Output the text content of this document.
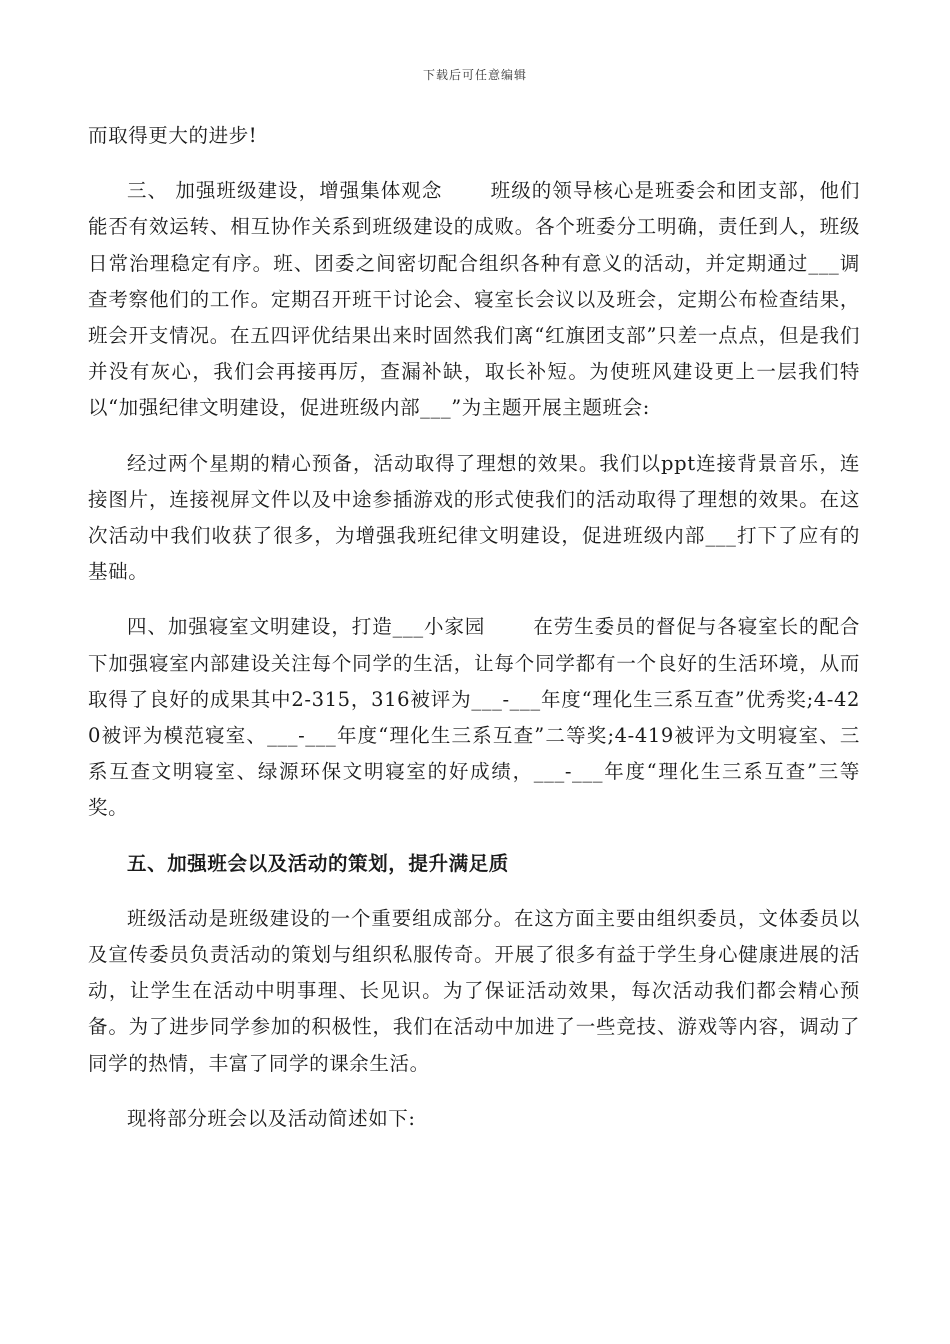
下载后可任意编辑

而取得更大的进步!

三、 加强班级建设，增强集体观念 　　班级的领导核心是班委会和团支部，他们能否有效运转、相互协作关系到班级建设的成败。各个班委分工明确，责任到人，班级日常治理稳定有序。班、团委之间密切配合组织各种有意义的活动，并定期通过___调查考察他们的工作。定期召开班干讨论会、寝室长会议以及班会，定期公布检查结果，班会开支情况。在五四评优结果出来时固然我们离“红旗团支部”只差一点点，但是我们并没有灰心，我们会再接再厉，查漏补缺，取长补短。为使班风建设更上一层我们特以“加强纪律文明建设，促进班级内部___”为主题开展主题班会:

经过两个星期的精心预备，活动取得了理想的效果。我们以ppt连接背景音乐，连接图片，连接视屏文件以及中途参插游戏的形式使我们的活动取得了理想的效果。在这次活动中我们收获了很多，为增强我班纪律文明建设，促进班级内部___打下了应有的基础。

四、加强寝室文明建设，打造___小家园 　　在劳生委员的督促与各寝室长的配合下加强寝室内部建设关注每个同学的生活，让每个同学都有一个良好的生活环境，从而取得了良好的成果其中2-315，316被评为___-___年度“理化生三系互查”优秀奖;4-420被评为模范寝室、___-___年度“理化生三系互查”二等奖;4-419被评为文明寝室、三系互查文明寝室、绿源环保文明寝室的好成绩，___-___年度“理化生三系互查”三等奖。

五、加强班会以及活动的策划，提升满足质

班级活动是班级建设的一个重要组成部分。在这方面主要由组织委员，文体委员以及宣传委员负责活动的策划与组织私服传奇。开展了很多有益于学生身心健康进展的活动，让学生在活动中明事理、长见识。为了保证活动效果，每次活动我们都会精心预备。为了进步同学参加的积极性，我们在活动中加进了一些竞技、游戏等内容，调动了同学的热情，丰富了同学的课余生活。

现将部分班会以及活动简述如下:
